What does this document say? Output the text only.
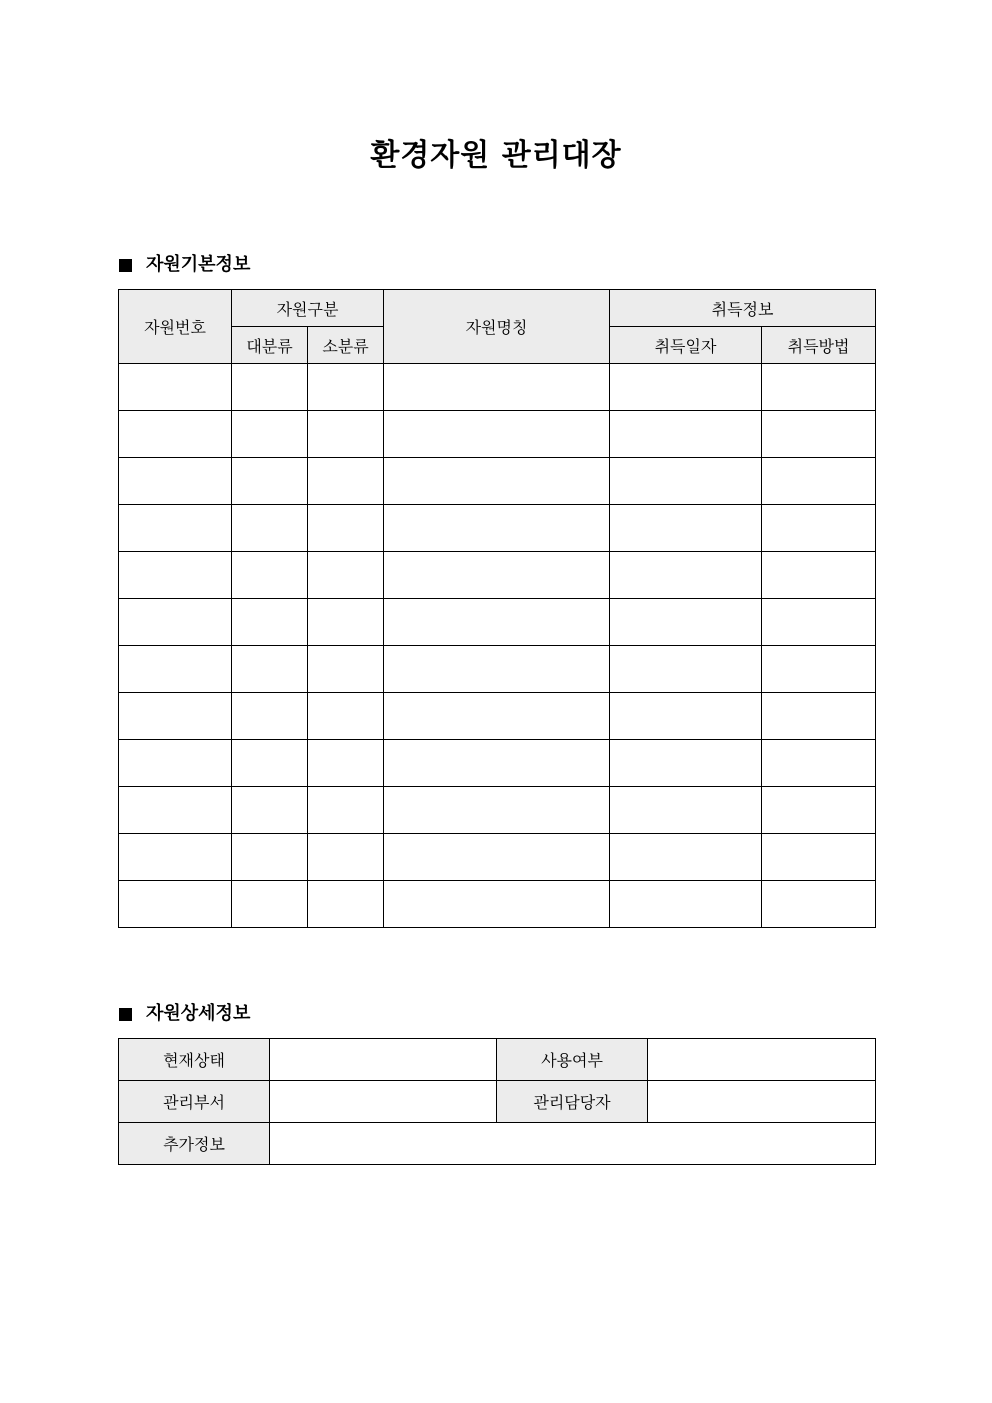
환경자원 관리대장
자원기본정보
자원번호	자원구분		자원명칭	취득정보	
	대분류	소분류		취득일자	취득방법

자원상세정보
현재상태		사용여부	
관리부서		관리담당자	
추가정보			
